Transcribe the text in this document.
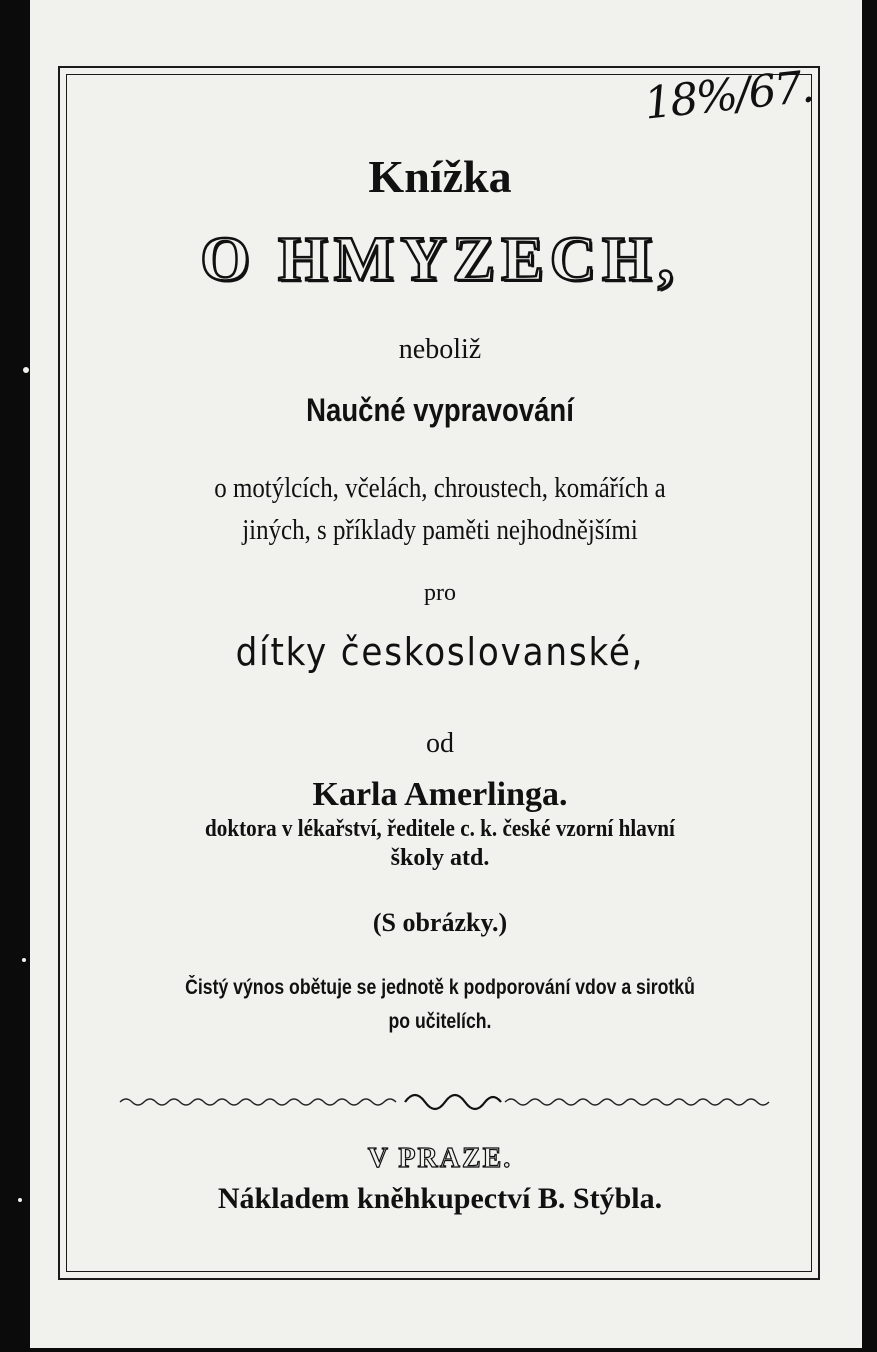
18%/67.
Knížka
O HMYZECH,
neboliž
Naučné vypravování
o motýlcích, včelách, chroustech, komářích a
jiných, s příklady paměti nejhodnějšími
pro
dítky českoslovanské,
od
Karla Amerlinga.
doktora v lékařství, ředitele c. k. české vzorní hlavní
školy atd.
(S obrázky.)
Čistý výnos obětuje se jednotě k podporování vdov a sirotků
po učitelích.
V PRAZE.
Nákladem kněhkupectví B. Stýbla.
